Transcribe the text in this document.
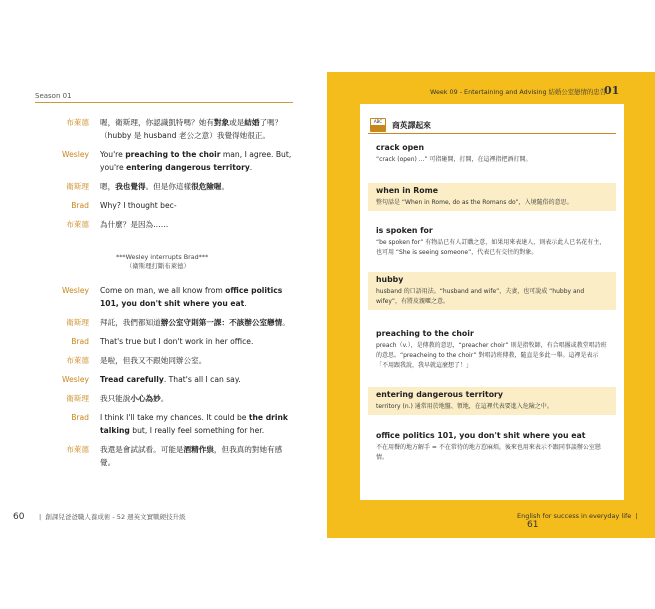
Season 01
布萊德	喔，衛斯理，你認識凱特嗎？她有對象或是結婚了嗎？（hubby 是 husband 老公之意）我覺得她很正。
Wesley	You're preaching to the choir man, I agree. But, you're entering dangerous territory.
衛斯理	嗯，我也覺得。但是你這樣很危險喔。
Brad	Why? I thought bec-
布萊德	為什麼？是因為……
***Wesley interrupts Brad***
（衛斯理打斷布萊德）
Wesley	Come on man, we all know from office politics 101, you don't shit where you eat.
衛斯理	拜託，我們都知道辦公室守則第一課：不該辦公室戀情。
Brad	That's true but I don't work in her office.
布萊德	是啦，但我又不跟她同辦公室。
Wesley	Tread carefully. That's all I can say.
衛斯理	我只能說小心為妙。
Brad	I think I'll take my chances. It could be the drink talking but, I really feel something for her.
布萊德	我還是會試試看。可能是酒精作祟，但我真的對她有感覺。
60 |  創課兒爸爸職人養成術 - 52 週英文實戰硬技升級
Week 09 - Entertaining and Advising 結婚公室戀情的忠告
01
ABC	商英譯起來
crack open
“crack (open) ...” 可指砸開，打開，在這裡指把酒打開。
when in Rome
整句話是 “When in Rome, do as the Romans do”，入境隨俗的意思。
is spoken for
“be spoken for” 有物品已有人訂購之意，如果用來表達人，則表示此人已名花有主，也可用 “She is seeing someone”，代表已有交往的對象。
hubby
husband 的口語用法。“husband and wife”，夫妻，也可說成 “hubby and wifey”，有將皮親暱之意。
preaching to the choir
preach（v.），是傳教的意思，“preacher choir” 則是指牧師，有合唱團或教堂唱詩班的意思。“preacheing to the choir” 對唱詩班傳教，隨直是多此一舉。這裡是表示「不用跟我說，我早就這麼想了！」
entering dangerous territory
territory (n.) 通常用於地盤、領地，在這裡代表要進入危險之中。
office politics 101, you don't shit where you eat
不在用餐的地方解手 = 不在常待的地方惹麻煩。後來也用來表示不跟同事談辦公室戀情。
English for success in everyday life  | 61
